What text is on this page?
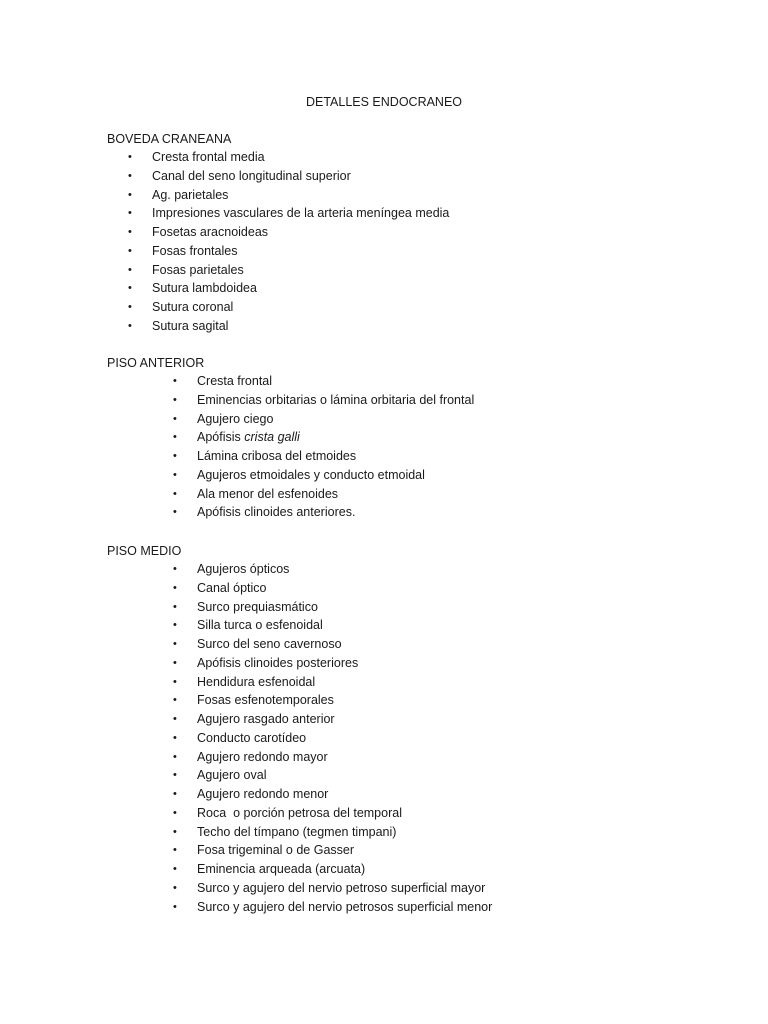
DETALLES ENDOCRANEO
BOVEDA CRANEANA
• Cresta frontal media
• Canal del seno longitudinal superior
• Ag. parietales
• Impresiones vasculares de la arteria meníngea media
• Fosetas aracnoideas
• Fosas frontales
• Fosas parietales
• Sutura lambdoidea
• Sutura coronal
• Sutura sagital
PISO ANTERIOR
• Cresta frontal
• Eminencias orbitarias o lámina orbitaria del frontal
• Agujero ciego
• Apófisis crista galli
• Lámina cribosa del etmoides
• Agujeros etmoidales y conducto etmoidal
• Ala menor del esfenoides
• Apófisis clinoides anteriores.
PISO MEDIO
• Agujeros ópticos
• Canal óptico
• Surco prequiasmático
• Silla turca o esfenoidal
• Surco del seno cavernoso
• Apófisis clinoides posteriores
• Hendidura esfenoidal
• Fosas esfenotemporales
• Agujero rasgado anterior
• Conducto carotídeo
• Agujero redondo mayor
• Agujero oval
• Agujero redondo menor
• Roca  o porción petrosa del temporal
• Techo del tímpano (tegmen timpani)
• Fosa trigeminal o de Gasser
• Eminencia arqueada (arcuata)
• Surco y agujero del nervio petroso superficial mayor
• Surco y agujero del nervio petrosos superficial menor
